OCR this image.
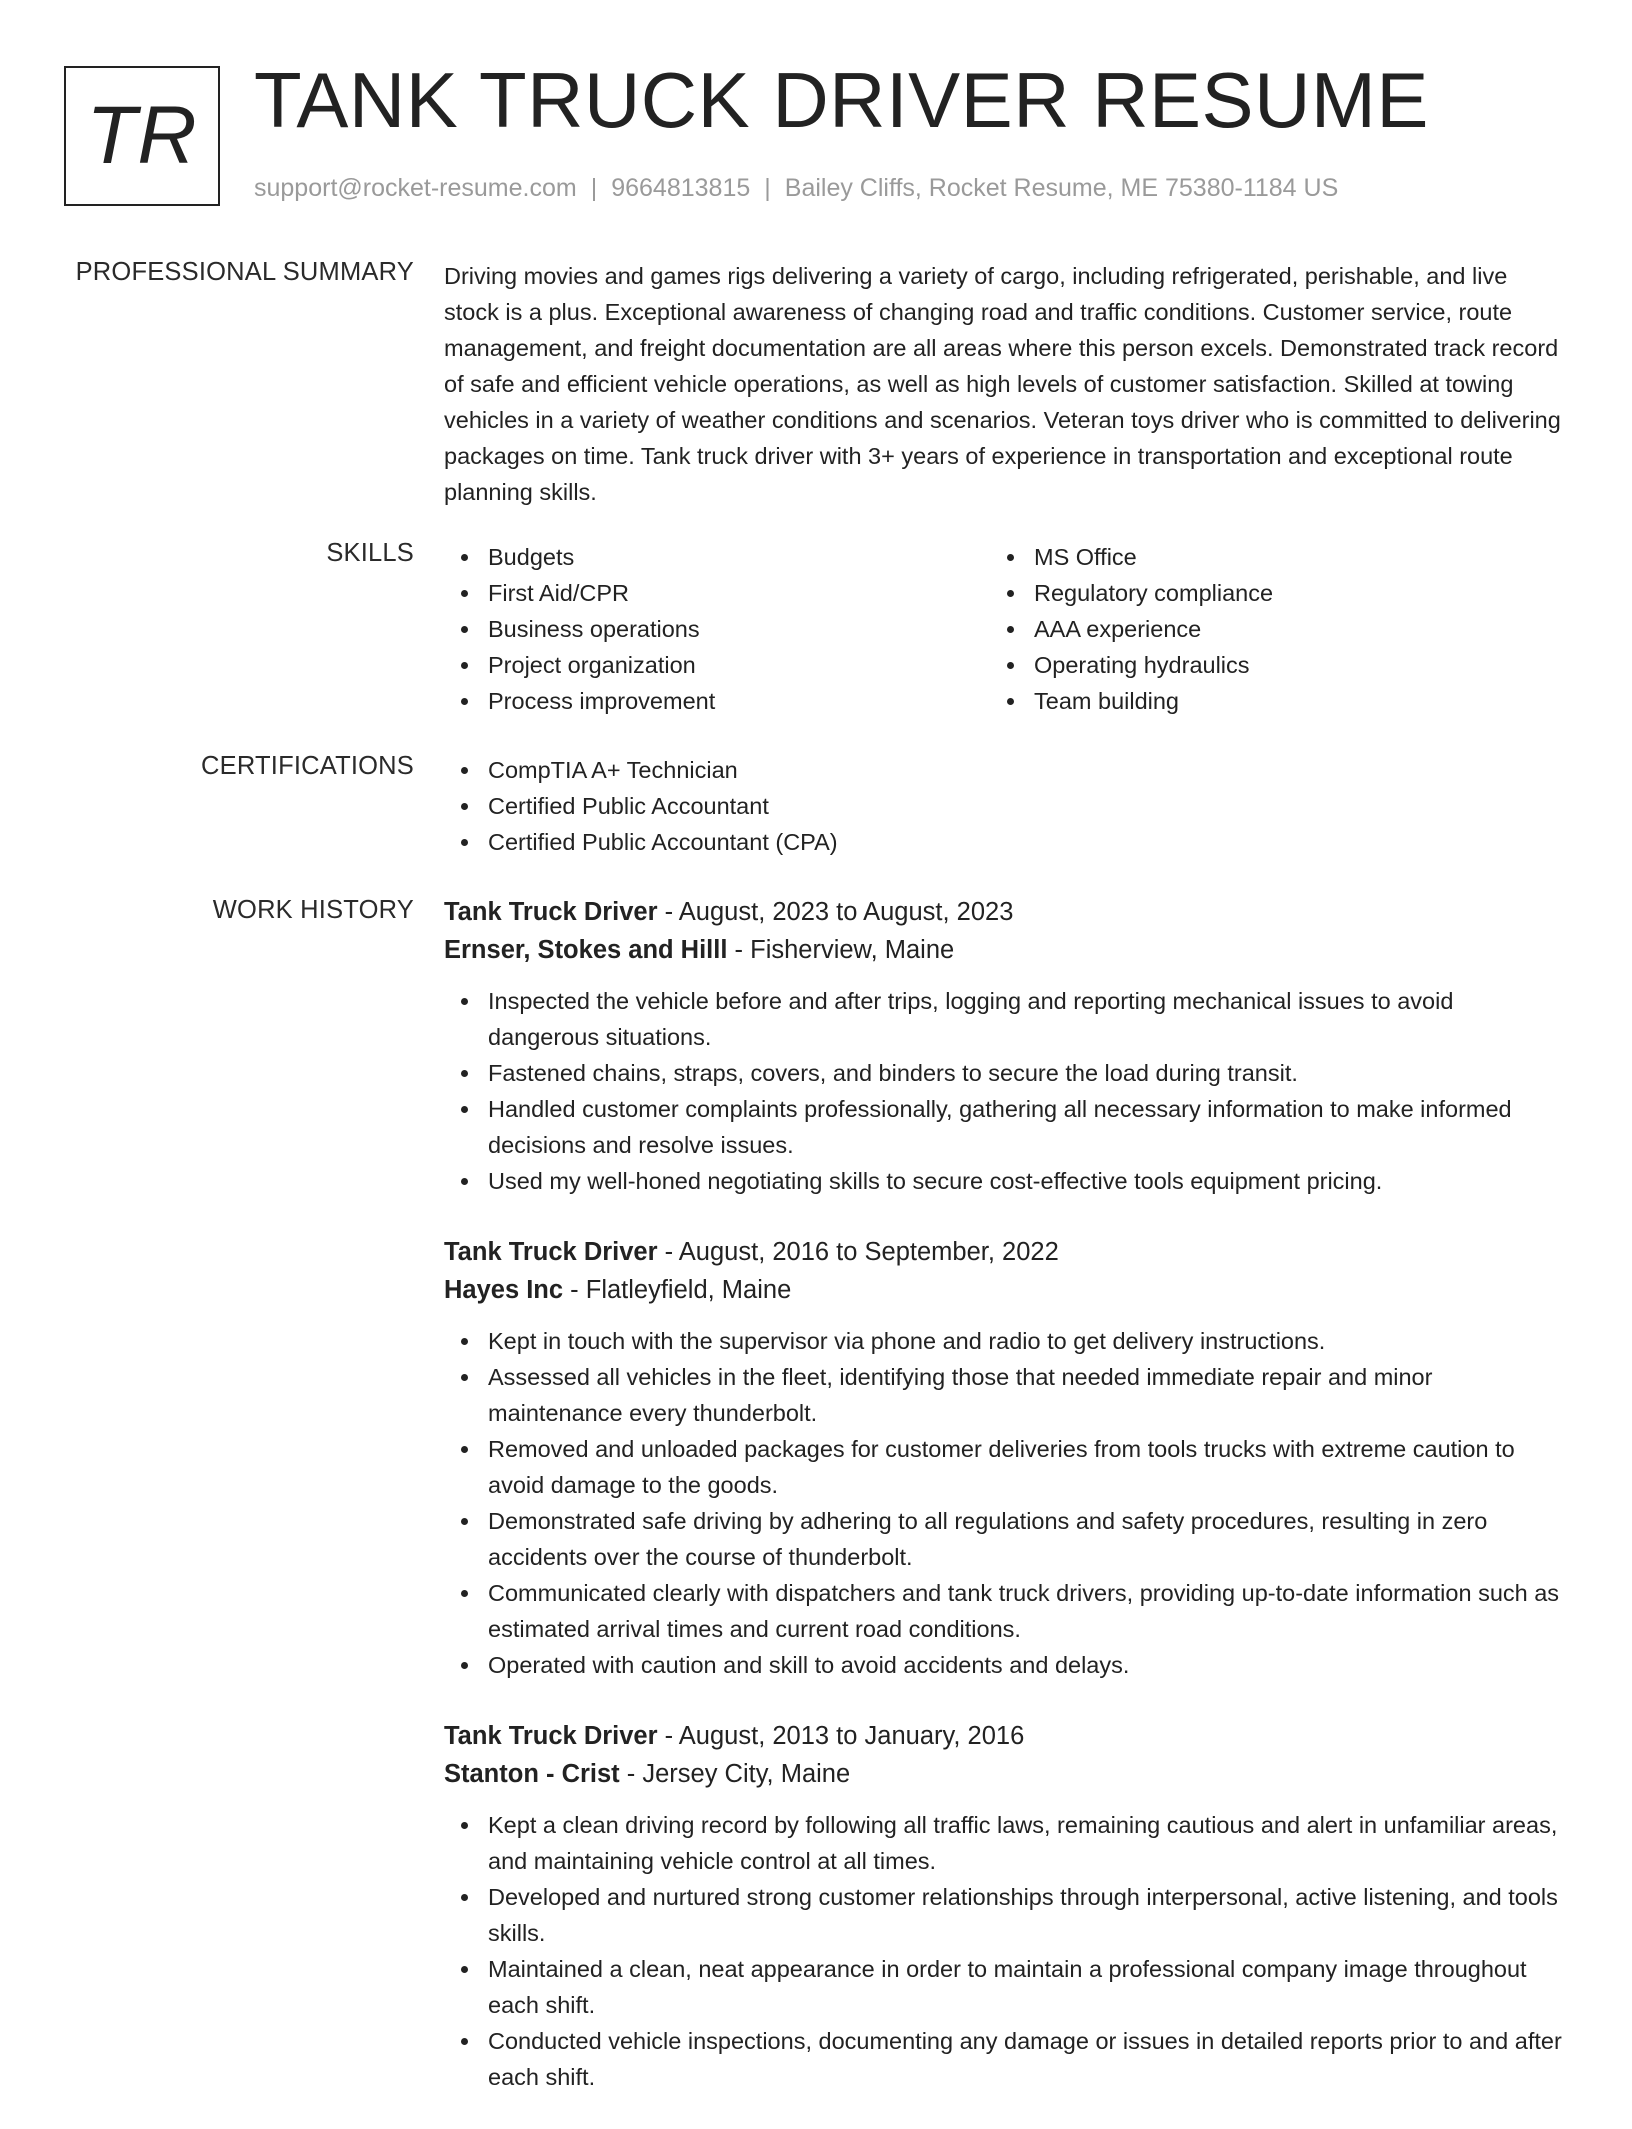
TR TANK TRUCK DRIVER RESUME
support@rocket-resume.com | 9664813815 | Bailey Cliffs, Rocket Resume, ME 75380-1184 US
PROFESSIONAL SUMMARY Driving movies and games rigs delivering a variety of cargo, including refrigerated, perishable, and live stock is a plus. Exceptional awareness of changing road and traffic conditions. Customer service, route management, and freight documentation are all areas where this person excels. Demonstrated track record of safe and efficient vehicle operations, as well as high levels of customer satisfaction. Skilled at towing vehicles in a variety of weather conditions and scenarios. Veteran toys driver who is committed to delivering packages on time. Tank truck driver with 3+ years of experience in transportation and exceptional route planning skills.

SKILLS	Budgets
First Aid/CPR
Business operations
Project organization
Process improvement
MS Office
Regulatory compliance
AAA experience
Operating hydraulics
Team building
CERTIFICATIONS	CompTIA A+ Technician
Certified Public Accountant
Certified Public Accountant (CPA)
WORK HISTORY Tank Truck Driver - August, 2023 to August, 2023
Ernser, Stokes and Hilll - Fisherview, Maine
Inspected the vehicle before and after trips, logging and reporting mechanical issues to avoid dangerous situations.
Fastened chains, straps, covers, and binders to secure the load during transit.
Handled customer complaints professionally, gathering all necessary information to make informed decisions and resolve issues.
Used my well-honed negotiating skills to secure cost-effective tools equipment pricing.
Tank Truck Driver - August, 2016 to September, 2022
Hayes Inc - Flatleyfield, Maine
Kept in touch with the supervisor via phone and radio to get delivery instructions.
Assessed all vehicles in the fleet, identifying those that needed immediate repair and minor maintenance every thunderbolt.
Removed and unloaded packages for customer deliveries from tools trucks with extreme caution to avoid damage to the goods.
Demonstrated safe driving by adhering to all regulations and safety procedures, resulting in zero accidents over the course of thunderbolt.
Communicated clearly with dispatchers and tank truck drivers, providing up-to-date information such as estimated arrival times and current road conditions.
Operated with caution and skill to avoid accidents and delays.
Tank Truck Driver - August, 2013 to January, 2016
Stanton - Crist - Jersey City, Maine
Kept a clean driving record by following all traffic laws, remaining cautious and alert in unfamiliar areas, and maintaining vehicle control at all times.
Developed and nurtured strong customer relationships through interpersonal, active listening, and tools skills.
Maintained a clean, neat appearance in order to maintain a professional company image throughout each shift.
Conducted vehicle inspections, documenting any damage or issues in detailed reports prior to and after each shift.
